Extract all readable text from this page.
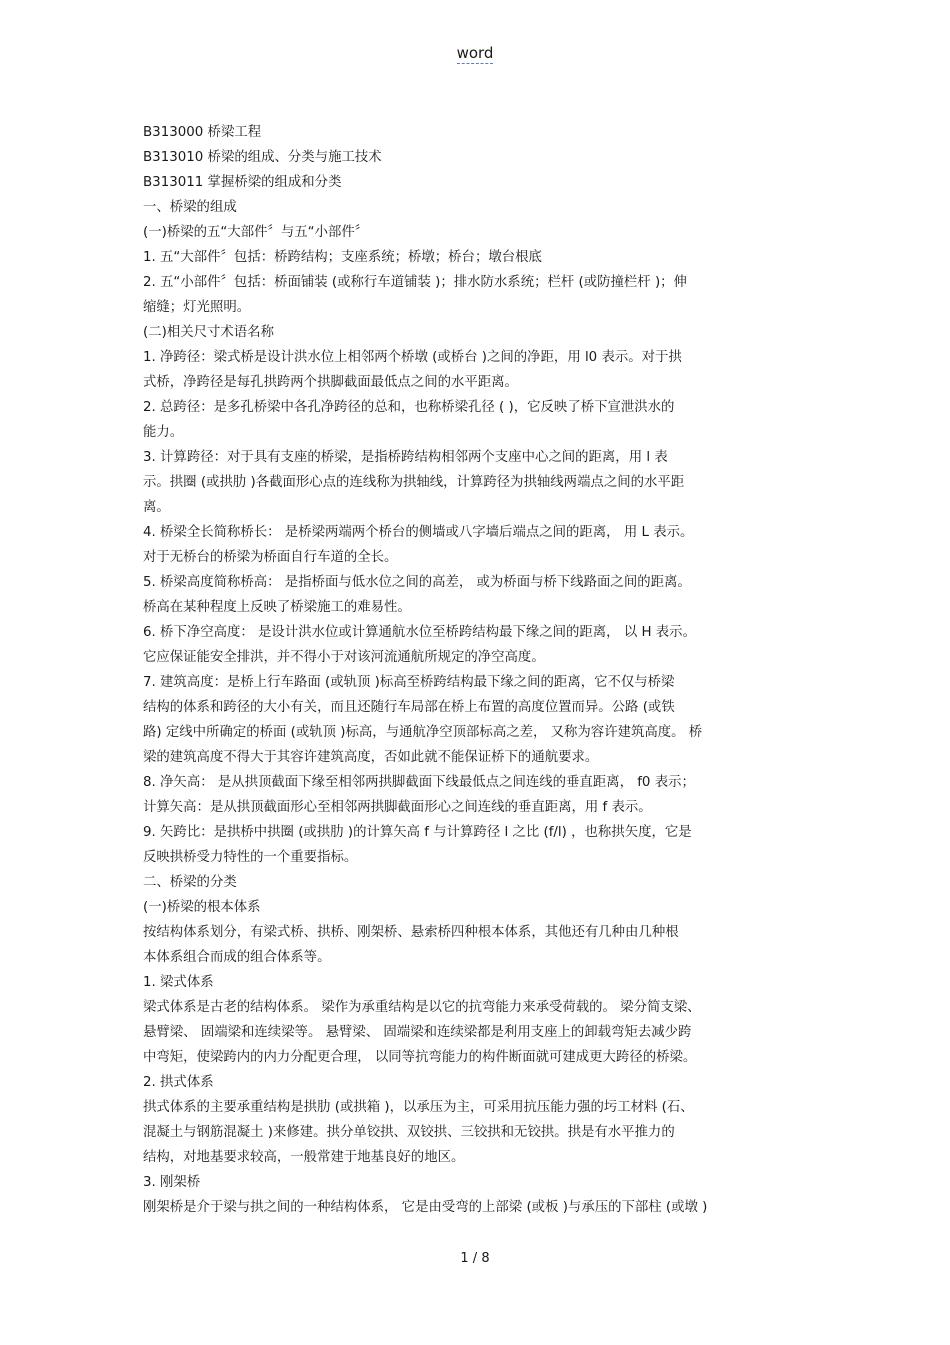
word
B313000 桥梁工程
B313010 桥梁的组成、分类与施工技术
B313011 掌握桥梁的组成和分类
一、桥梁的组成
(一)桥梁的五“大部件〞与五“小部件〞
1. 五“大部件〞包括：桥跨结构；支座系统；桥墩；桥台；墩台根底
2. 五“小部件〞包括：桥面铺装 (或称行车道铺装 )；排水防水系统；栏杆 (或防撞栏杆 )；伸
缩缝；灯光照明。
(二)相关尺寸术语名称
1. 净跨径：梁式桥是设计洪水位上相邻两个桥墩 (或桥台 )之间的净距，用 l0 表示。对于拱
式桥，净跨径是每孔拱跨两个拱脚截面最低点之间的水平距离。
2. 总跨径：是多孔桥梁中各孔净跨径的总和，也称桥梁孔径 ( )，它反映了桥下宣泄洪水的
能力。
3. 计算跨径：对于具有支座的桥梁，是指桥跨结构相邻两个支座中心之间的距离，用 l 表
示。拱圈 (或拱肋 )各截面形心点的连线称为拱轴线，计算跨径为拱轴线两端点之间的水平距
离。
4. 桥梁全长简称桥长： 是桥梁两端两个桥台的侧墙或八字墙后端点之间的距离， 用 L 表示。
对于无桥台的桥梁为桥面自行车道的全长。
5. 桥梁高度简称桥高： 是指桥面与低水位之间的高差， 或为桥面与桥下线路面之间的距离。
桥高在某种程度上反映了桥梁施工的难易性。
6. 桥下净空高度： 是设计洪水位或计算通航水位至桥跨结构最下缘之间的距离， 以 H 表示。
它应保证能安全排洪，并不得小于对该河流通航所规定的净空高度。
7. 建筑高度：是桥上行车路面 (或轨顶 )标高至桥跨结构最下缘之间的距离，它不仅与桥梁
结构的体系和跨径的大小有关，而且还随行车局部在桥上布置的高度位置而异。公路 (或铁
路) 定线中所确定的桥面 (或轨顶 )标高，与通航净空顶部标高之差， 又称为容许建筑高度。 桥
梁的建筑高度不得大于其容许建筑高度，否如此就不能保证桥下的通航要求。
8. 净矢高： 是从拱顶截面下缘至相邻两拱脚截面下线最低点之间连线的垂直距离， f0 表示；
计算矢高：是从拱顶截面形心至相邻两拱脚截面形心之间连线的垂直距离，用 f 表示。
9. 矢跨比：是拱桥中拱圈 (或拱肋 )的计算矢高 f 与计算跨径 l 之比 (f/l) ，也称拱矢度，它是
反映拱桥受力特性的一个重要指标。
二、桥梁的分类
(一)桥梁的根本体系
按结构体系划分，有梁式桥、拱桥、刚架桥、悬索桥四种根本体系，其他还有几种由几种根
本体系组合而成的组合体系等。
1. 梁式体系
梁式体系是古老的结构体系。 梁作为承重结构是以它的抗弯能力来承受荷载的。 梁分简支梁、
悬臂梁、 固端梁和连续梁等。 悬臂梁、 固端梁和连续梁都是利用支座上的卸载弯矩去减少跨
中弯矩，使梁跨内的内力分配更合理， 以同等抗弯能力的构件断面就可建成更大跨径的桥梁。
2. 拱式体系
拱式体系的主要承重结构是拱肋 (或拱箱 )，以承压为主，可采用抗压能力强的圬工材料 (石、
混凝土与钢筋混凝土 )来修建。拱分单铰拱、双铰拱、三铰拱和无铰拱。拱是有水平推力的
结构，对地基要求较高，一般常建于地基良好的地区。
3. 刚架桥
刚架桥是介于梁与拱之间的一种结构体系， 它是由受弯的上部梁 (或板 )与承压的下部柱 (或墩 )
1 / 8
